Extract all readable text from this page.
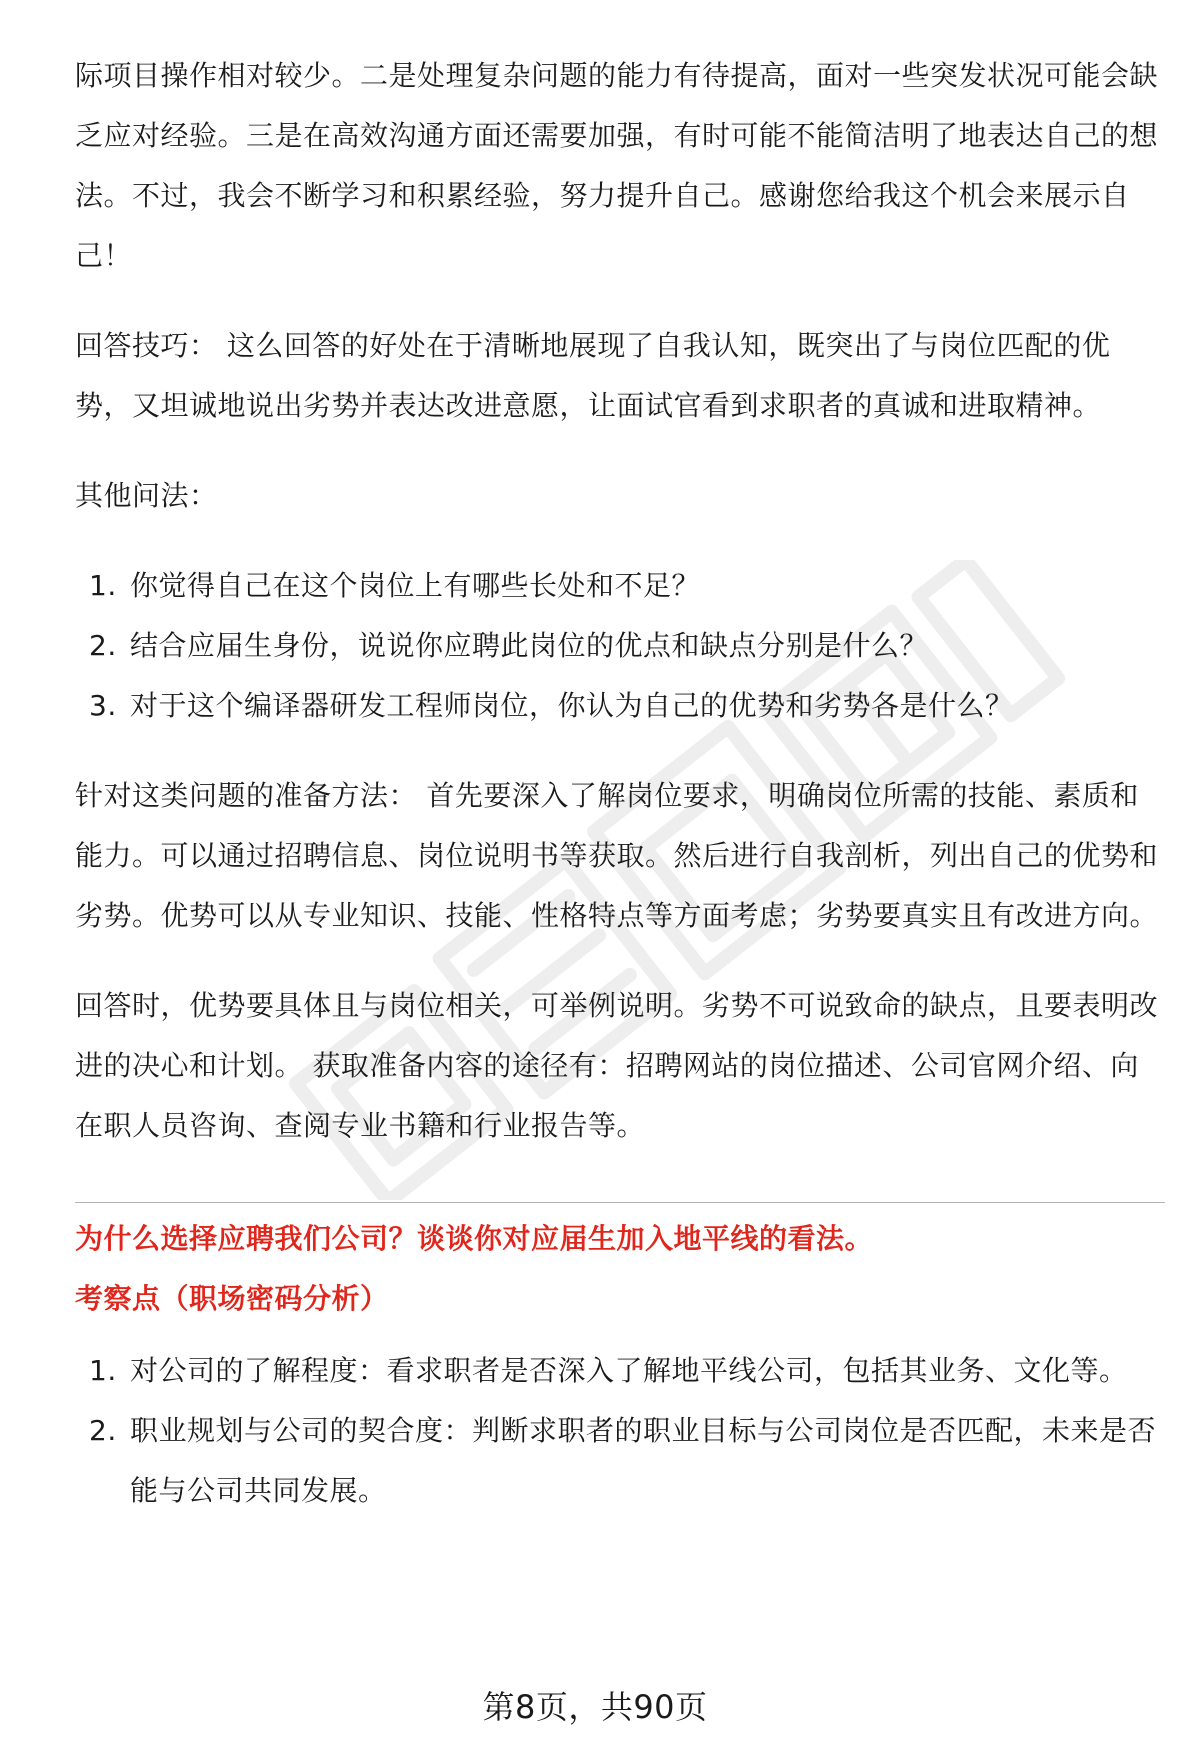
际项目操作相对较少。二是处理复杂问题的能力有待提高，面对一些突发状况可能会缺乏应对经验。三是在高效沟通方面还需要加强，有时可能不能简洁明了地表达自己的想法。不过，我会不断学习和积累经验，努力提升自己。感谢您给我这个机会来展示自己！

回答技巧： 这么回答的好处在于清晰地展现了自我认知，既突出了与岗位匹配的优势，又坦诚地说出劣势并表达改进意愿，让面试官看到求职者的真诚和进取精神。

其他问法：

1. 你觉得自己在这个岗位上有哪些长处和不足？
2. 结合应届生身份，说说你应聘此岗位的优点和缺点分别是什么？
3. 对于这个编译器研发工程师岗位，你认为自己的优势和劣势各是什么？

针对这类问题的准备方法： 首先要深入了解岗位要求，明确岗位所需的技能、素质和能力。可以通过招聘信息、岗位说明书等获取。然后进行自我剖析，列出自己的优势和劣势。优势可以从专业知识、技能、性格特点等方面考虑；劣势要真实且有改进方向。

回答时，优势要具体且与岗位相关，可举例说明。劣势不可说致命的缺点，且要表明改进的决心和计划。 获取准备内容的途径有：招聘网站的岗位描述、公司官网介绍、向在职人员咨询、查阅专业书籍和行业报告等。

为什么选择应聘我们公司？谈谈你对应届生加入地平线的看法。

考察点（职场密码分析）

1. 对公司的了解程度：看求职者是否深入了解地平线公司，包括其业务、文化等。
2. 职业规划与公司的契合度：判断求职者的职业目标与公司岗位是否匹配，未来是否能与公司共同发展。
第8页，共90页
